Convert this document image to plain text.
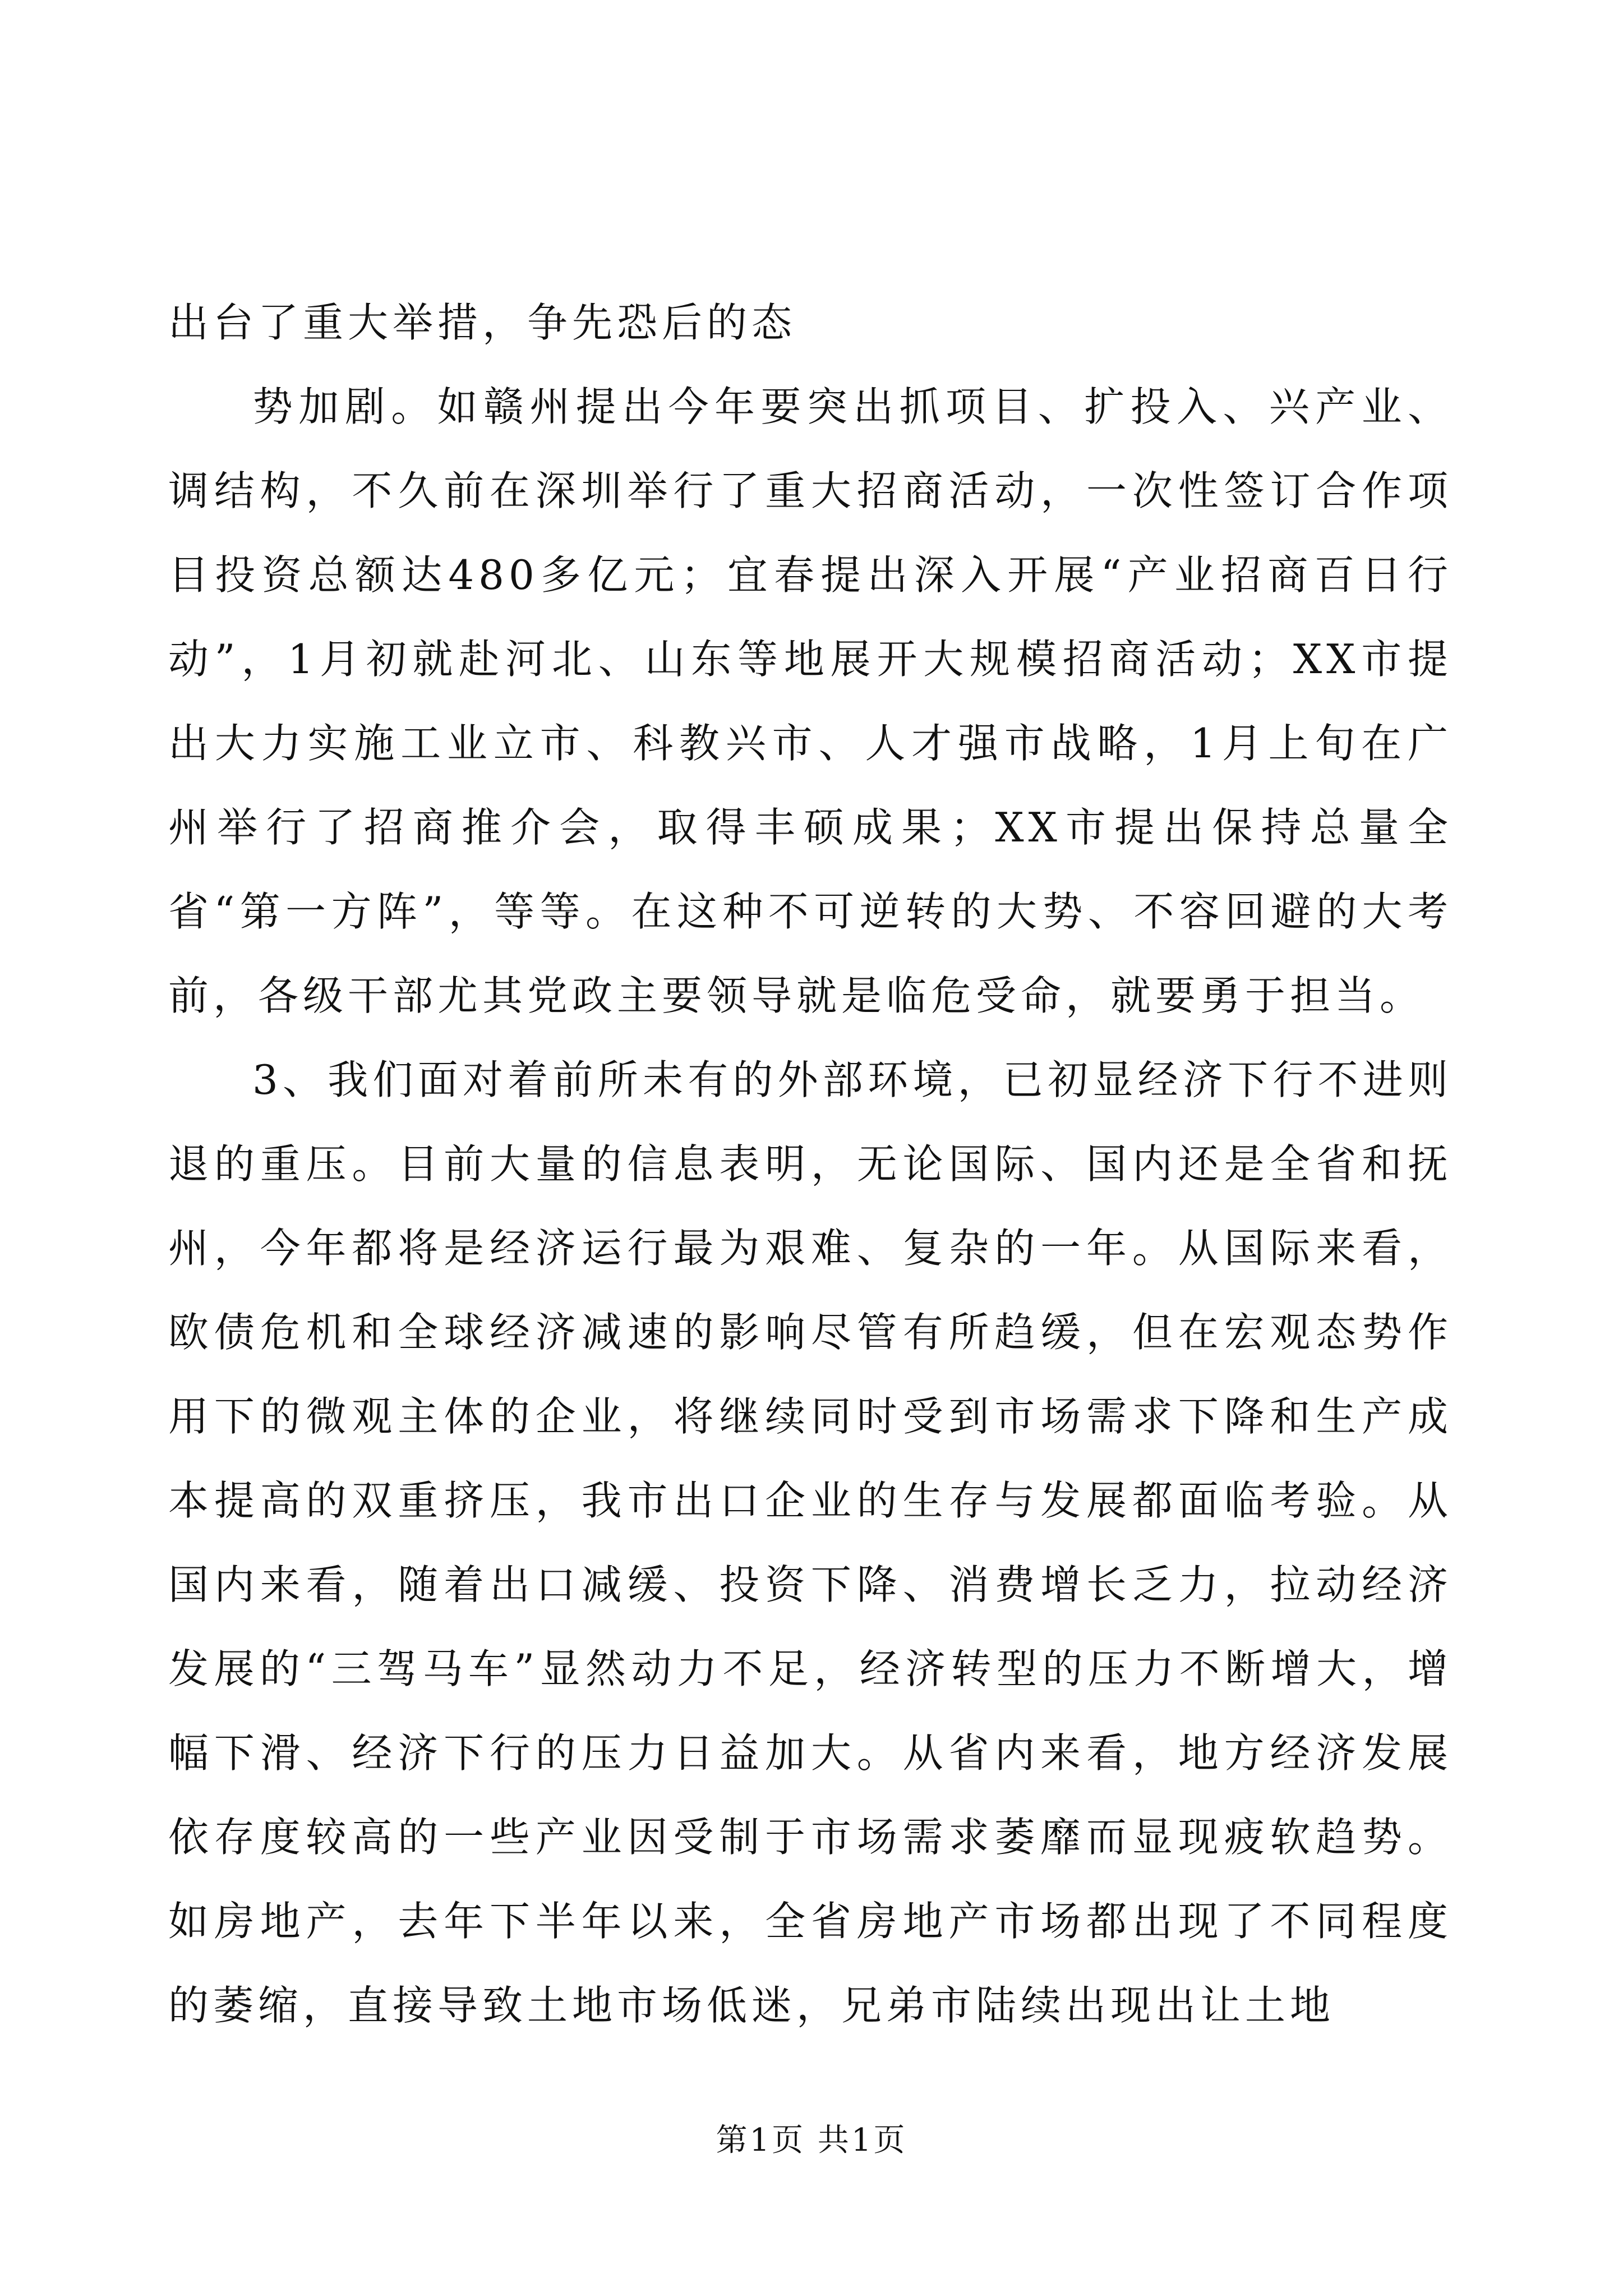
出台了重大举措，争先恐后的态

势加剧。如赣州提出今年要突出抓项目、扩投入、兴产业、调结构，不久前在深圳举行了重大招商活动，一次性签订合作项目投资总额达480多亿元；宜春提出深入开展“产业招商百日行动”，1月初就赴河北、山东等地展开大规模招商活动；XX市提出大力实施工业立市、科教兴市、人才强市战略，1月上旬在广州举行了招商推介会，取得丰硕成果；XX市提出保持总量全省“第一方阵”，等等。在这种不可逆转的大势、不容回避的大考前，各级干部尤其党政主要领导就是临危受命，就要勇于担当。

3、我们面对着前所未有的外部环境，已初显经济下行不进则退的重压。目前大量的信息表明，无论国际、国内还是全省和抚州，今年都将是经济运行最为艰难、复杂的一年。从国际来看，欧债危机和全球经济减速的影响尽管有所趋缓，但在宏观态势作用下的微观主体的企业，将继续同时受到市场需求下降和生产成本提高的双重挤压，我市出口企业的生存与发展都面临考验。从国内来看，随着出口减缓、投资下降、消费增长乏力，拉动经济发展的“三驾马车”显然动力不足，经济转型的压力不断增大，增幅下滑、经济下行的压力日益加大。从省内来看，地方经济发展依存度较高的一些产业因受制于市场需求萎靡而显现疲软趋势。如房地产，去年下半年以来，全省房地产市场都出现了不同程度的萎缩，直接导致土地市场低迷，兄弟市陆续出现出让土地

第1页 共1页
